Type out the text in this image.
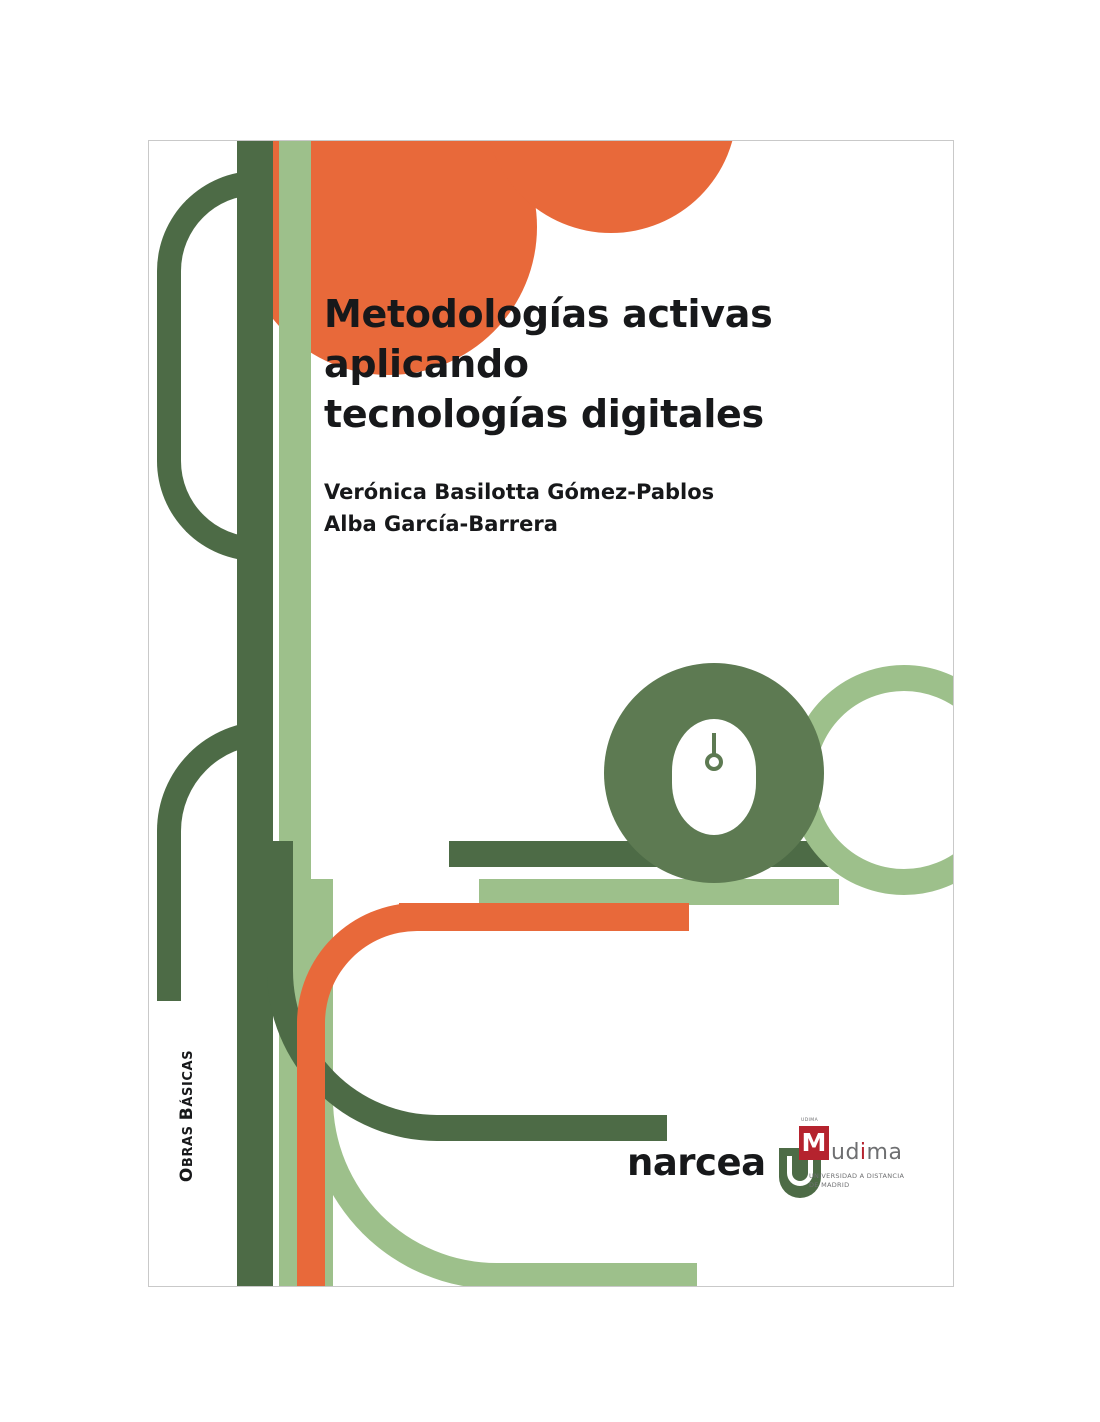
Metodologías activas
aplicando
tecnologías digitales
Verónica Basilotta Gómez-Pablos
Alba García-Barrera
OBRAS BÁSICAS
narcea
UDIMA
M udima
UNIVERSIDAD A DISTANCIA
DE MADRID
